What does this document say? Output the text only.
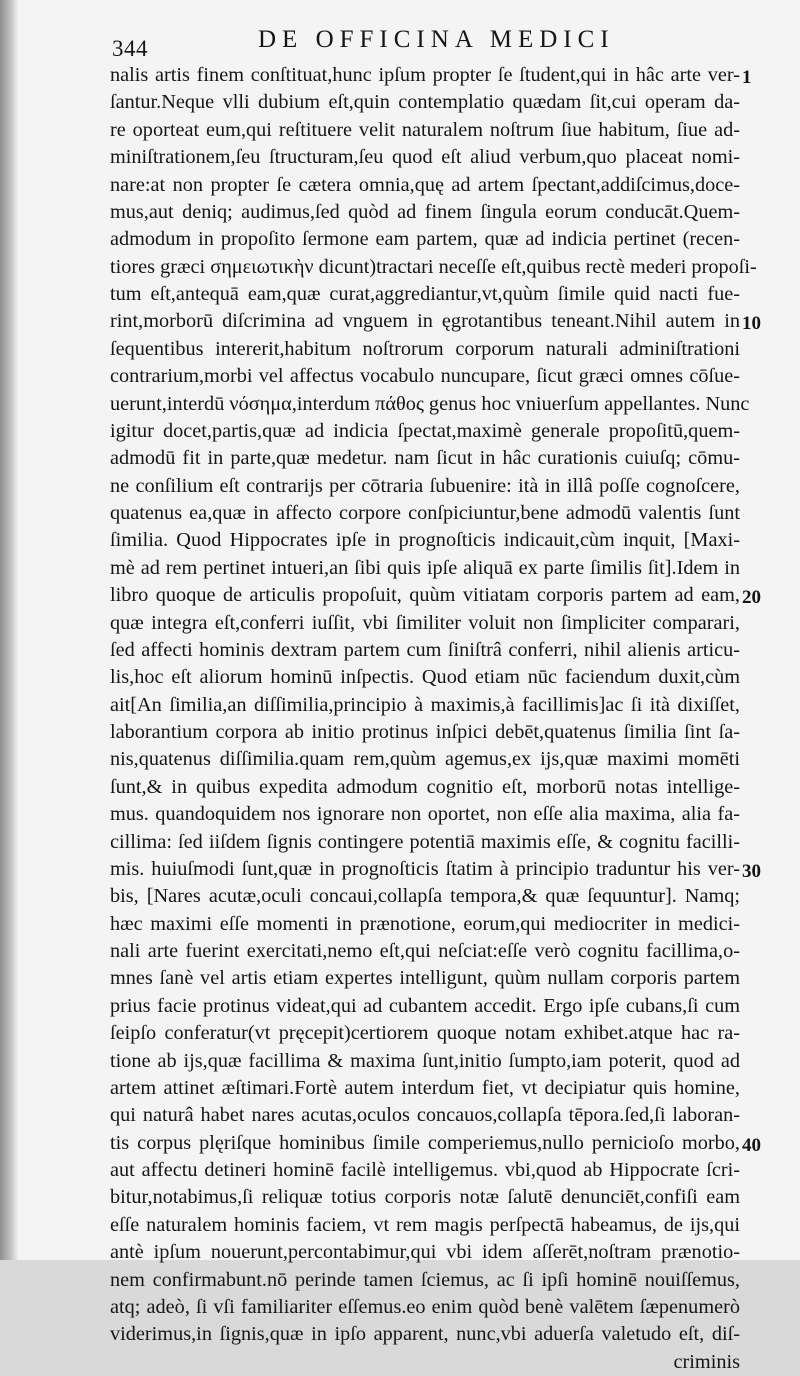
344	DE OFFICINA MEDICI
nalis artis finem conſtituat,hunc ipſum propter ſe ſtudent,qui in hâc arte ver-
ſantur.Neque vlli dubium eſt,quin contemplatio quædam ſit,cui operam da-
re oporteat eum,qui reſtituere velit naturalem noſtrum ſiue habitum, ſiue ad-
miniſtrationem,ſeu ſtructuram,ſeu quod eſt aliud verbum,quo placeat nomi-
nare:at non propter ſe cætera omnia,quę ad artem ſpectant,addiſcimus,doce-
mus,aut deniq; audimus,ſed quòd ad finem ſingula eorum conducāt.Quem-
admodum in propoſito ſermone eam partem, quæ ad indicia pertinet (recen-
tiores græci σημειωτικὴν dicunt)tractari neceſſe eſt,quibus rectè mederi propoſi-
tum eſt,antequā eam,quæ curat,aggrediantur,vt,quùm ſimile quid nacti fue-
rint,morborū diſcrimina ad vnguem in ęgrotantibus teneant.Nihil autem in
ſequentibus intererit,habitum noſtrorum corporum naturali adminiſtrationi
contrarium,morbi vel affectus vocabulo nuncupare, ſicut græci omnes cōſue-
uerunt,interdū νόσημα,interdum πάθος genus hoc vniuerſum appellantes. Nunc
igitur docet,partis,quæ ad indicia ſpectat,maximè generale propoſitū,quem-
admodū fit in parte,quæ medetur. nam ſicut in hâc curationis cuiuſq; cōmu-
ne conſilium eſt contrarijs per cōtraria ſubuenire: ità in illâ poſſe cognoſcere,
quatenus ea,quæ in affecto corpore conſpiciuntur,bene admodū valentis ſunt
ſimilia. Quod Hippocrates ipſe in prognoſticis indicauit,cùm inquit, [Maxi-
mè ad rem pertinet intueri,an ſibi quis ipſe aliquā ex parte ſimilis ſit].Idem in
libro quoque de articulis propoſuit, quùm vitiatam corporis partem ad eam,
quæ integra eſt,conferri iuſſit, vbi ſimiliter voluit non ſimpliciter comparari,
ſed affecti hominis dextram partem cum ſiniſtrâ conferri, nihil alienis articu-
lis,hoc eſt aliorum hominū inſpectis. Quod etiam nūc faciendum duxit,cùm
ait[An ſimilia,an diſſimilia,principio à maximis,à facillimis]ac ſi ità dixiſſet,
laborantium corpora ab initio protinus inſpici debēt,quatenus ſimilia ſint ſa-
nis,quatenus diſſimilia.quam rem,quùm agemus,ex ijs,quæ maximi momēti
ſunt,& in quibus expedita admodum cognitio eſt, morborū notas intellige-
mus. quandoquidem nos ignorare non oportet, non eſſe alia maxima, alia fa-
cillima: ſed iiſdem ſignis contingere potentiā maximis eſſe, & cognitu facilli-
mis. huiuſmodi ſunt,quæ in prognoſticis ſtatim à principio traduntur his ver-
bis, [Nares acutæ,oculi concaui,collapſa tempora,& quæ ſequuntur]. Namq;
hæc maximi eſſe momenti in prænotione, eorum,qui mediocriter in medici-
nali arte fuerint exercitati,nemo eſt,qui neſciat:eſſe verò cognitu facillima,o-
mnes ſanè vel artis etiam expertes intelligunt, quùm nullam corporis partem
prius facie protinus videat,qui ad cubantem accedit. Ergo ipſe cubans,ſi cum
ſeipſo conferatur(vt pręcepit)certiorem quoque notam exhibet.atque hac ra-
tione ab ijs,quæ facillima & maxima ſunt,initio ſumpto,iam poterit, quod ad
artem attinet æſtimari.Fortè autem interdum fiet, vt decipiatur quis homine,
qui naturâ habet nares acutas,oculos concauos,collapſa tēpora.ſed,ſi laboran-
tis corpus plęriſque hominibus ſimile comperiemus,nullo pernicioſo morbo,
aut affectu detineri hominē facilè intelligemus. vbi,quod ab Hippocrate ſcri-
bitur,notabimus,ſi reliquæ totius corporis notæ ſalutē denunciēt,confiſi eam
eſſe naturalem hominis faciem, vt rem magis perſpectā habeamus, de ijs,qui
antè ipſum nouerunt,percontabimur,qui vbi idem aſſerēt,noſtram prænotio-
nem confirmabunt.nō perinde tamen ſciemus, ac ſi ipſi hominē nouiſſemus,
atq; adeò, ſi vſi familiariter eſſemus.eo enim quòd benè valētem ſæpenumerò
viderimus,in ſignis,quæ in ipſo apparent, nunc,vbi aduerſa valetudo eſt, diſ-
criminis
1
10
20
30
40
